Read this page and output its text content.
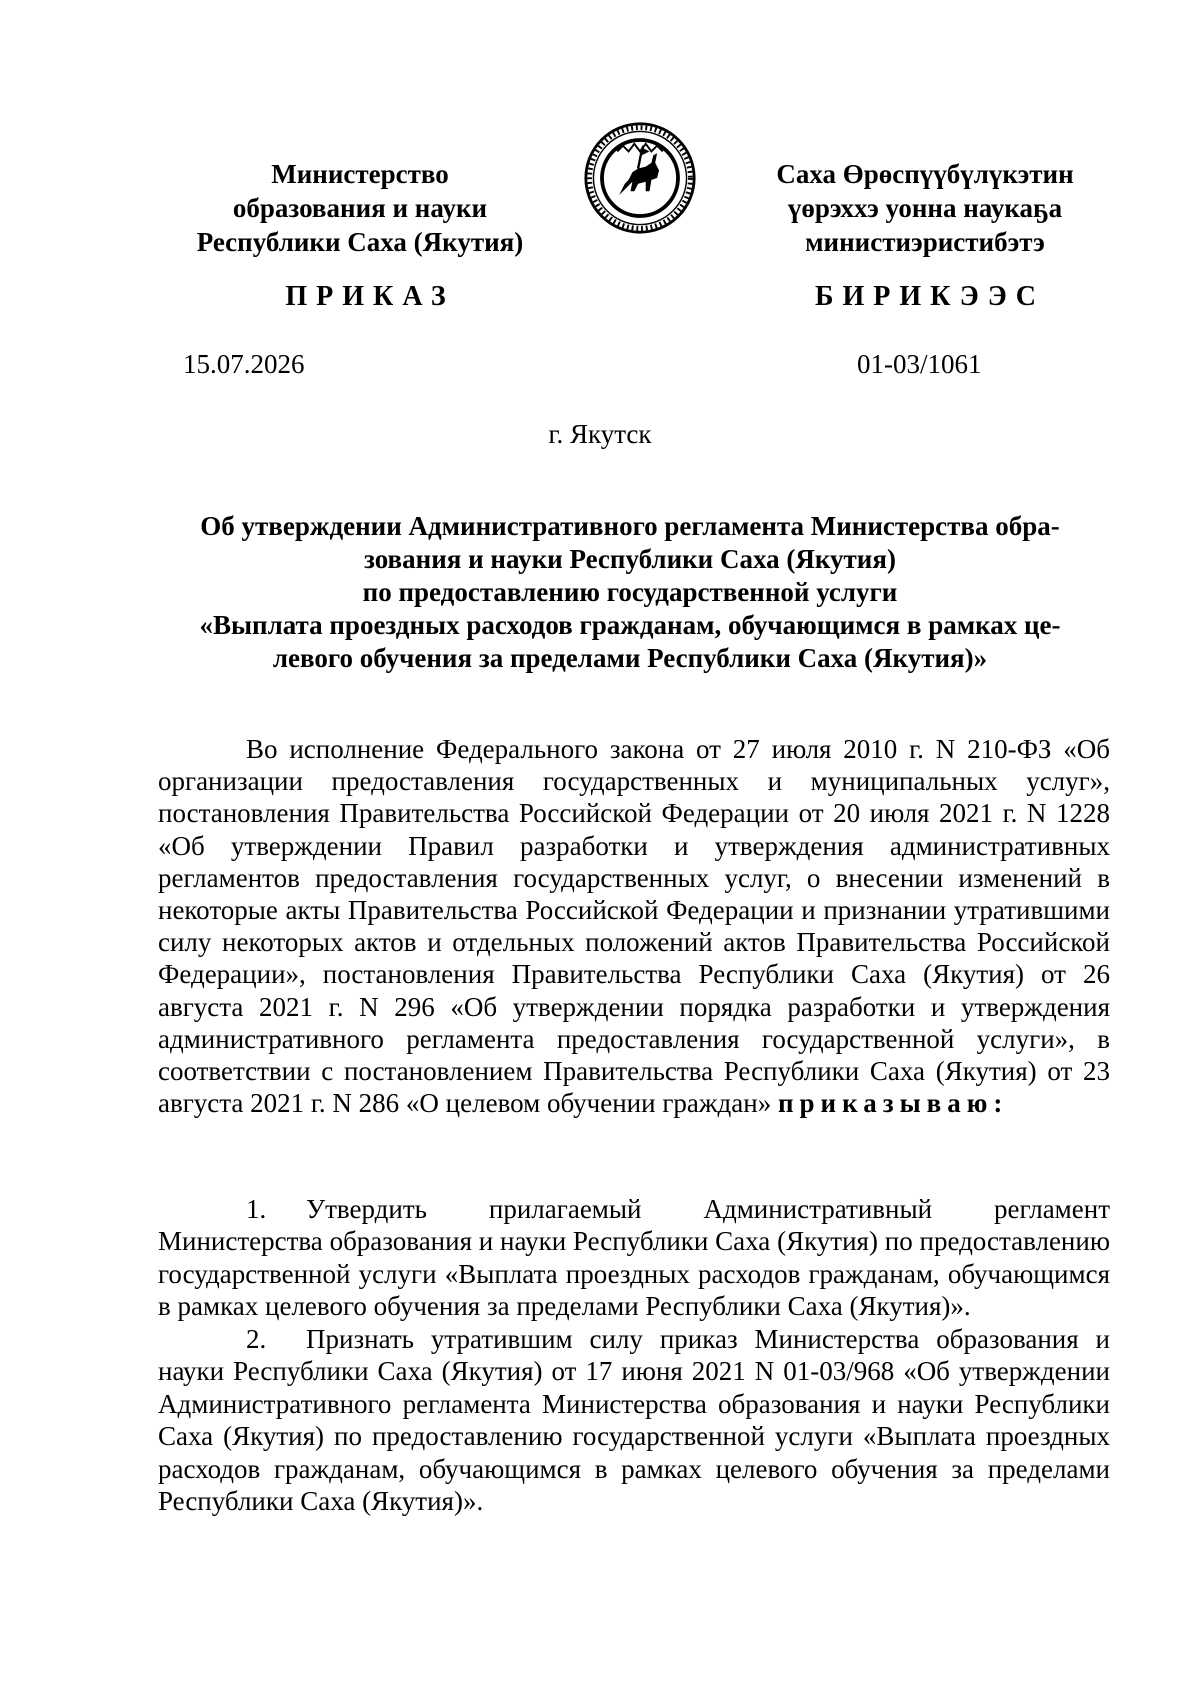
Министерство
образования и науки
Республики Саха (Якутия)
Саха Өрөспүүбүлүкэтин
үөрэххэ уонна наукаҕа
министиэристибэтэ
ПРИКАЗ	БИРИКЭЭС
15.07.2026	01-03/1061
г. Якутск
Об утверждении Административного регламента Министерства обра-
зования и науки Республики Саха (Якутия)
по предоставлению государственной услуги
«Выплата проездных расходов гражданам, обучающимся в рамках це-
левого обучения за пределами Республики Саха (Якутия)»
Во исполнение Федерального закона от 27 июля 2010 г. N 210-ФЗ «Об организации предоставления государственных и муниципальных услуг», постановления Правительства Российской Федерации от 20 июля 2021 г. N 1228 «Об утверждении Правил разработки и утверждения административных регламентов предоставления государственных услуг, о внесении изменений в некоторые акты Правительства Российской Федерации и признании утратившими силу некоторых актов и отдельных положений актов Правительства Российской Федерации», постановления Правительства Республики Саха (Якутия) от 26 августа 2021 г. N 296 «Об утверждении порядка разработки и утверждения административного регламента предоставления государственной услуги», в соответствии с постановлением Правительства Республики Саха (Якутия) от 23 августа 2021 г. N 286 «О целевом обучении граждан» приказываю:
1. Утвердить прилагаемый Административный регламент Министерства образования и науки Республики Саха (Якутия) по предоставлению государственной услуги «Выплата проездных расходов гражданам, обучающимся в рамках целевого обучения за пределами Республики Саха (Якутия)».
2. Признать утратившим силу приказ Министерства образования и науки Республики Саха (Якутия) от 17 июня 2021 N 01-03/968 «Об утверждении Административного регламента Министерства образования и науки Республики Саха (Якутия) по предоставлению государственной услуги «Выплата проездных расходов гражданам, обучающимся в рамках целевого обучения за пределами Республики Саха (Якутия)».
